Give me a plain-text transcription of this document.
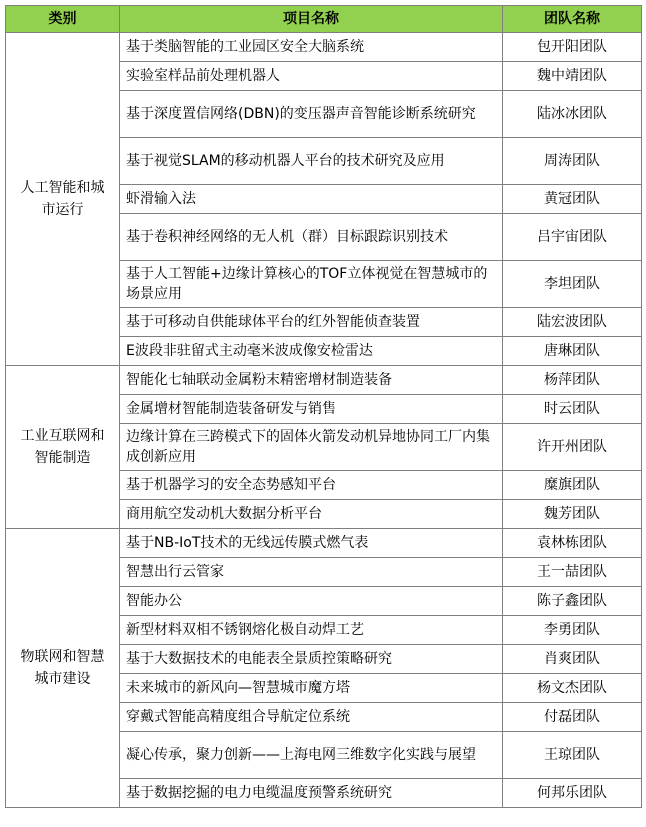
类别	项目名称	团队名称
人工智能和城市运行	基于类脑智能的工业园区安全大脑系统	包开阳团队
	实验室样品前处理机器人	魏中靖团队
	基于深度置信网络(DBN)的变压器声音智能诊断系统研究	陆冰冰团队
	基于视觉SLAM的移动机器人平台的技术研究及应用	周涛团队
	虾滑输入法	黄冠团队
	基于卷积神经网络的无人机（群）目标跟踪识别技术	吕宇宙团队
	基于人工智能+边缘计算核心的TOF立体视觉在智慧城市的场景应用	李坦团队
	基于可移动自供能球体平台的红外智能侦查装置	陆宏波团队
	E波段非驻留式主动毫米波成像安检雷达	唐琳团队
工业互联网和智能制造	智能化七轴联动金属粉末精密增材制造装备	杨萍团队
	金属增材智能制造装备研发与销售	时云团队
	边缘计算在三跨模式下的固体火箭发动机异地协同工厂内集成创新应用	许开州团队
	基于机器学习的安全态势感知平台	糜旗团队
	商用航空发动机大数据分析平台	魏芳团队
物联网和智慧城市建设	基于NB-IoT技术的无线远传膜式燃气表	袁林栋团队
	智慧出行云管家	王一喆团队
	智能办公	陈子鑫团队
	新型材料双相不锈钢熔化极自动焊工艺	李勇团队
	基于大数据技术的电能表全景质控策略研究	肖爽团队
	未来城市的新风向—智慧城市魔方塔	杨文杰团队
	穿戴式智能高精度组合导航定位系统	付磊团队
	凝心传承，聚力创新——上海电网三维数字化实践与展望	王琼团队
	基于数据挖掘的电力电缆温度预警系统研究	何邦乐团队
